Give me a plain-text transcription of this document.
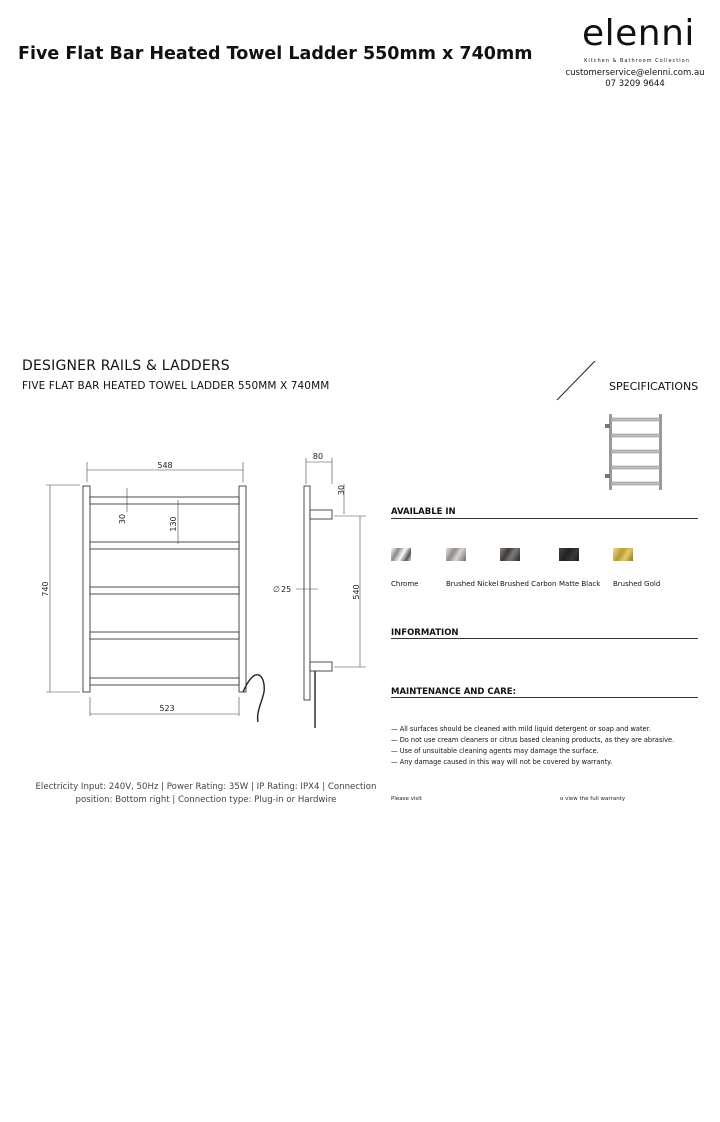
Five Flat Bar Heated Towel Ladder 550mm x 740mm elenni
Kitchen & Bathroom Collection
customerservice@elenni.com.au
07 3209 9644
DESIGNER RAILS & LADDERS
FIVE FLAT BAR HEATED TOWEL LADDER 550MM X 740MM	SPECIFICATIONS
548
740
30	130
523
80
30
540
∅ 25
AVAILABLE IN
Chrome	Brushed Nickel Brushed Carbon Matte Black Brushed Gold
INFORMATION
MAINTENANCE AND CARE:
— All surfaces should be cleaned with mild liquid detergent or soap and water.
— Do not use cream cleaners or citrus based cleaning products, as they are abrasive.
— Use of unsuitable cleaning agents may damage the surface.
— Any damage caused in this way will not be covered by warranty.
Please visit	o view the full warranty
Electricity Input: 240V, 50Hz | Power Rating: 35W | IP Rating: IPX4 | Connection position: Bottom right | Connection type: Plug-in or Hardwire
